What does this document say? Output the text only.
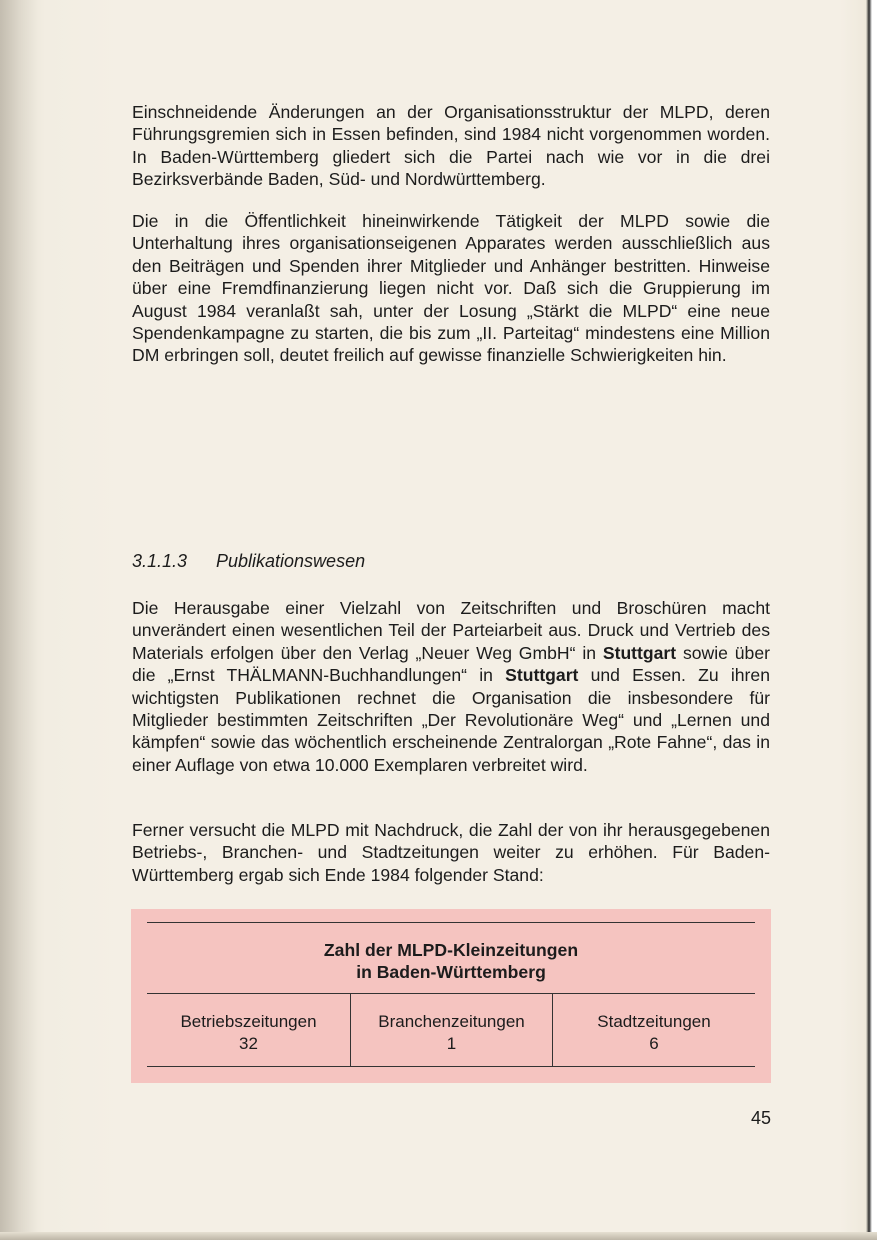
Einschneidende Änderungen an der Organisationsstruktur der MLPD, deren Führungsgremien sich in Essen befinden, sind 1984 nicht vorgenommen worden. In Baden-Württemberg gliedert sich die Partei nach wie vor in die drei Bezirksverbände Baden, Süd- und Nordwürttemberg.

Die in die Öffentlichkeit hineinwirkende Tätigkeit der MLPD sowie die Unterhaltung ihres organisationseigenen Apparates werden ausschließlich aus den Beiträgen und Spenden ihrer Mitglieder und Anhänger bestritten. Hinweise über eine Fremdfinanzierung liegen nicht vor. Daß sich die Gruppierung im August 1984 veranlaßt sah, unter der Losung „Stärkt die MLPD“ eine neue Spendenkampagne zu starten, die bis zum „II. Parteitag“ mindestens eine Million DM erbringen soll, deutet freilich auf gewisse finanzielle Schwierigkeiten hin.

3.1.1.3 Publikationswesen

Die Herausgabe einer Vielzahl von Zeitschriften und Broschüren macht unverändert einen wesentlichen Teil der Parteiarbeit aus. Druck und Vertrieb des Materials erfolgen über den Verlag „Neuer Weg GmbH“ in Stuttgart sowie über die „Ernst THÄLMANN-Buchhandlungen“ in Stuttgart und Essen. Zu ihren wichtigsten Publikationen rechnet die Organisation die insbesondere für Mitglieder bestimmten Zeitschriften „Der Revolutionäre Weg“ und „Lernen und kämpfen“ sowie das wöchentlich erscheinende Zentralorgan „Rote Fahne“, das in einer Auflage von etwa 10.000 Exemplaren verbreitet wird.

Ferner versucht die MLPD mit Nachdruck, die Zahl der von ihr herausgegebenen Betriebs-, Branchen- und Stadtzeitungen weiter zu erhöhen. Für Baden-Württemberg ergab sich Ende 1984 folgender Stand:

Zahl der MLPD-Kleinzeitungen
in Baden-Württemberg
Betriebszeitungen
32
Branchenzeitungen
1
Stadtzeitungen
6
45
